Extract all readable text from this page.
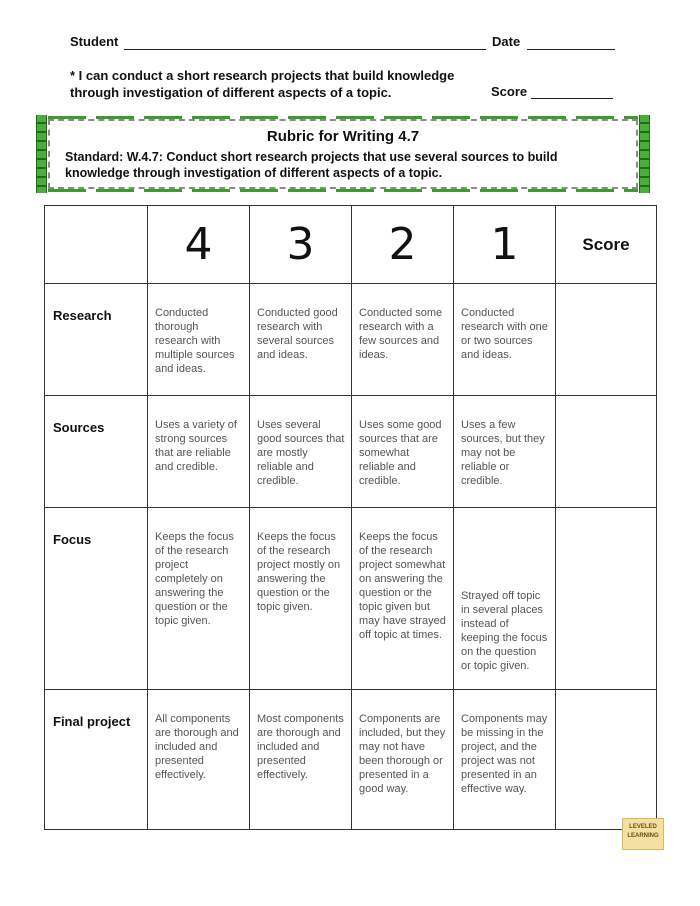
Student	Date
* I can conduct a short research projects that build knowledge
through investigation of different aspects of a topic.	Score
Rubric for Writing 4.7
Standard: W.4.7: Conduct short research projects that use several sources to build
knowledge through investigation of different aspects of a topic.
	4	3	2	1	Score
Research	Conducted thorough research with multiple sources and ideas.	Conducted good research with several sources and ideas.	Conducted some research with a few sources and ideas.	Conducted research with one or two sources and ideas.	
Sources	Uses a variety of strong sources that are reliable and credible.	Uses several good sources that are mostly reliable and credible.	Uses some good sources that are somewhat reliable and credible.	Uses a few sources, but they may not be reliable or credible.	
Focus	Keeps the focus of the research project completely on answering the question or the topic given.	Keeps the focus of the research project mostly on answering the question or the topic given.	Keeps the focus of the research project somewhat on answering the question or the topic given but may have strayed off topic at times.	Strayed off topic in several places instead of keeping the focus on the question or topic given.	
Final project	All components are thorough and included and presented effectively.	Most components are thorough and included and presented effectively.	Components are included, but they may not have been thorough or presented in a good way.	Components may be missing in the project, and the project was not presented in an effective way.	
LEVELED
LEARNING
